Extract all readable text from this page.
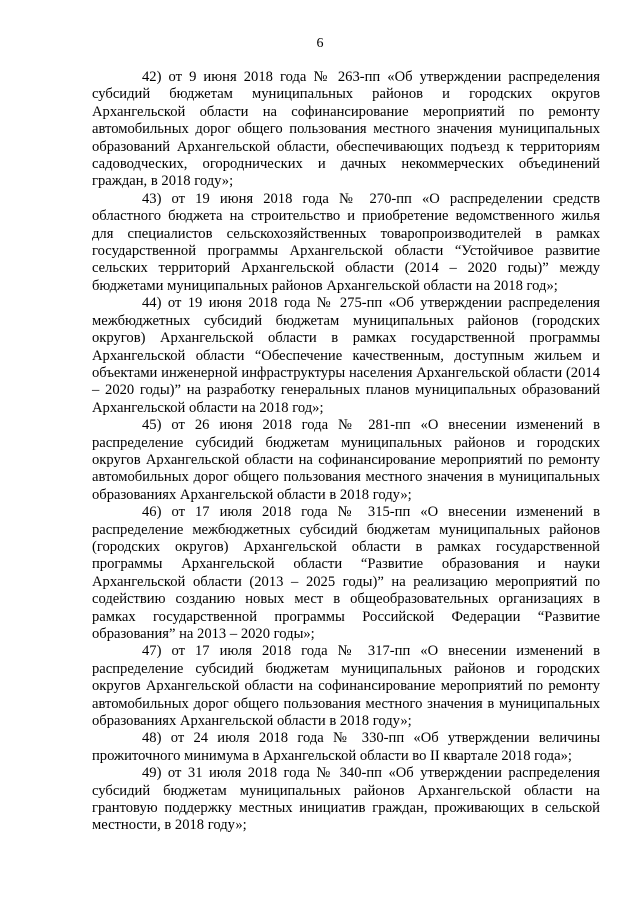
6

42) от 9 июня 2018 года № 263-пп «Об утверждении распределения субсидий бюджетам муниципальных районов и городских округов Архангельской области на софинансирование мероприятий по ремонту автомобильных дорог общего пользования местного значения муниципальных образований Архангельской области, обеспечивающих подъезд к территориям садоводческих, огороднических и дачных некоммерческих объединений граждан, в 2018 году»;

43) от 19 июня 2018 года № 270-пп «О распределении средств областного бюджета на строительство и приобретение ведомственного жилья для специалистов сельскохозяйственных товаропроизводителей в рамках государственной программы Архангельской области “Устойчивое развитие сельских территорий Архангельской области (2014 – 2020 годы)” между бюджетами муниципальных районов Архангельской области на 2018 год»;

44) от 19 июня 2018 года № 275-пп «Об утверждении распределения межбюджетных субсидий бюджетам муниципальных районов (городских округов) Архангельской области в рамках государственной программы Архангельской области “Обеспечение качественным, доступным жильем и объектами инженерной инфраструктуры населения Архангельской области (2014 – 2020 годы)” на разработку генеральных планов муниципальных образований Архангельской области на 2018 год»;

45) от 26 июня 2018 года № 281-пп «О внесении изменений в распределение субсидий бюджетам муниципальных районов и городских округов Архангельской области на софинансирование мероприятий по ремонту автомобильных дорог общего пользования местного значения в муниципальных образованиях Архангельской области в 2018 году»;

46) от 17 июля 2018 года № 315-пп «О внесении изменений в распределение межбюджетных субсидий бюджетам муниципальных районов (городских округов) Архангельской области в рамках государственной программы Архангельской области “Развитие образования и науки Архангельской области (2013 – 2025 годы)” на реализацию мероприятий по содействию созданию новых мест в общеобразовательных организациях в рамках государственной программы Российской Федерации “Развитие образования” на 2013 – 2020 годы»;

47) от 17 июля 2018 года № 317-пп «О внесении изменений в распределение субсидий бюджетам муниципальных районов и городских округов Архангельской области на софинансирование мероприятий по ремонту автомобильных дорог общего пользования местного значения в муниципальных образованиях Архангельской области в 2018 году»;

48) от 24 июля 2018 года № 330-пп «Об утверждении величины прожиточного минимума в Архангельской области во II квартале 2018 года»;

49) от 31 июля 2018 года № 340-пп «Об утверждении распределения субсидий бюджетам муниципальных районов Архангельской области на грантовую поддержку местных инициатив граждан, проживающих в сельской местности, в 2018 году»;
